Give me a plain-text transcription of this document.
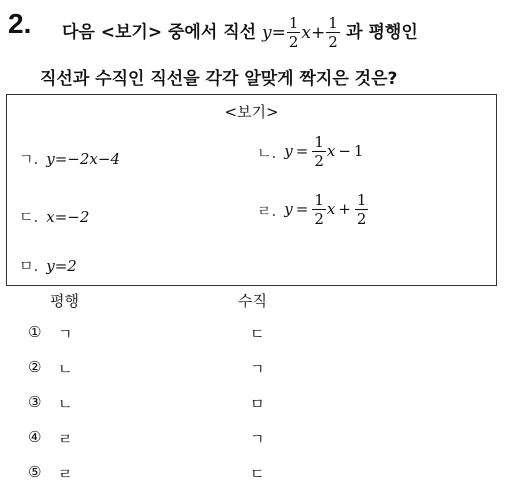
2. 다음 <보기> 중에서 직선 $y= \frac{1}{2} x+ \frac{1}{2}$ 과 평행인
직선과 수직인 직선을 각각 알맞게 짝지은 것은?
<보기>
ㄱ. y=−2x−4	ㄴ. $y = \frac{1}{2}$ x − 1
ㄷ. x=−2	ㄹ. $y = \frac{1}{2}$ $x + \frac{1}{2}$
ㅁ. y=2
평행	수직
① ㄱ	ㄷ
② ㄴ	ㄱ
③ ㄴ	ㅁ
④ ㄹ	ㄱ
⑤ ㄹ	ㄷ
